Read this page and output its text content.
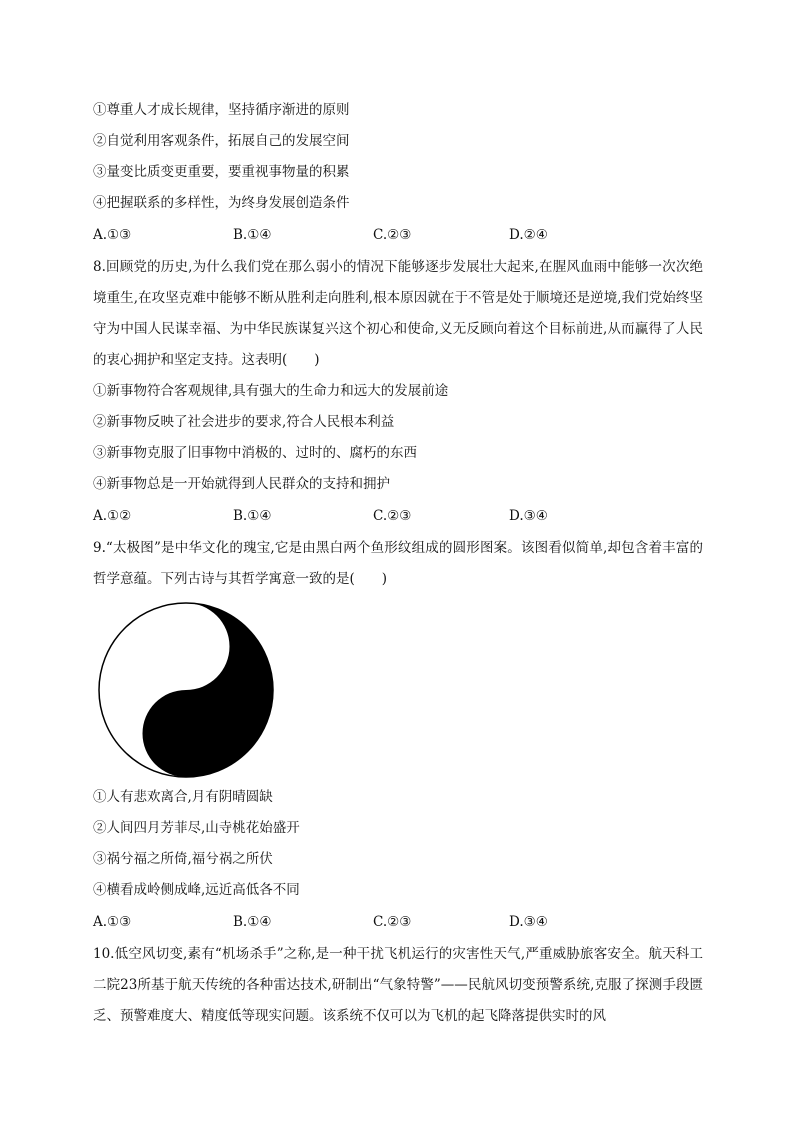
①尊重人才成长规律，坚持循序渐进的原则
②自觉利用客观条件，拓展自己的发展空间
③量变比质变更重要，要重视事物量的积累
④把握联系的多样性，为终身发展创造条件
A.①③	B.①④	C.②③	D.②④
8.回顾党的历史,为什么我们党在那么弱小的情况下能够逐步发展壮大起来,在腥风血雨中能够一次次绝境重生,在攻坚克难中能够不断从胜利走向胜利,根本原因就在于不管是处于顺境还是逆境,我们党始终坚守为中国人民谋幸福、为中华民族谋复兴这个初心和使命,义无反顾向着这个目标前进,从而赢得了人民的衷心拥护和坚定支持。这表明(　　)
①新事物符合客观规律,具有强大的生命力和远大的发展前途
②新事物反映了社会进步的要求,符合人民根本利益
③新事物克服了旧事物中消极的、过时的、腐朽的东西
④新事物总是一开始就得到人民群众的支持和拥护
A.①②	B.①④	C.②③	D.③④
9.“太极图”是中华文化的瑰宝,它是由黑白两个鱼形纹组成的圆形图案。该图看似简单,却包含着丰富的哲学意蕴。下列古诗与其哲学寓意一致的是(　　)
①人有悲欢离合,月有阴晴圆缺
②人间四月芳菲尽,山寺桃花始盛开
③祸兮福之所倚,福兮祸之所伏
④横看成岭侧成峰,远近高低各不同
A.①③	B.①④	C.②③	D.③④
10.低空风切变,素有“机场杀手”之称,是一种干扰飞机运行的灾害性天气,严重威胁旅客安全。航天科工二院23所基于航天传统的各种雷达技术,研制出“气象特警”——民航风切变预警系统,克服了探测手段匮乏、预警难度大、精度低等现实问题。该系统不仅可以为飞机的起飞降落提供实时的风
